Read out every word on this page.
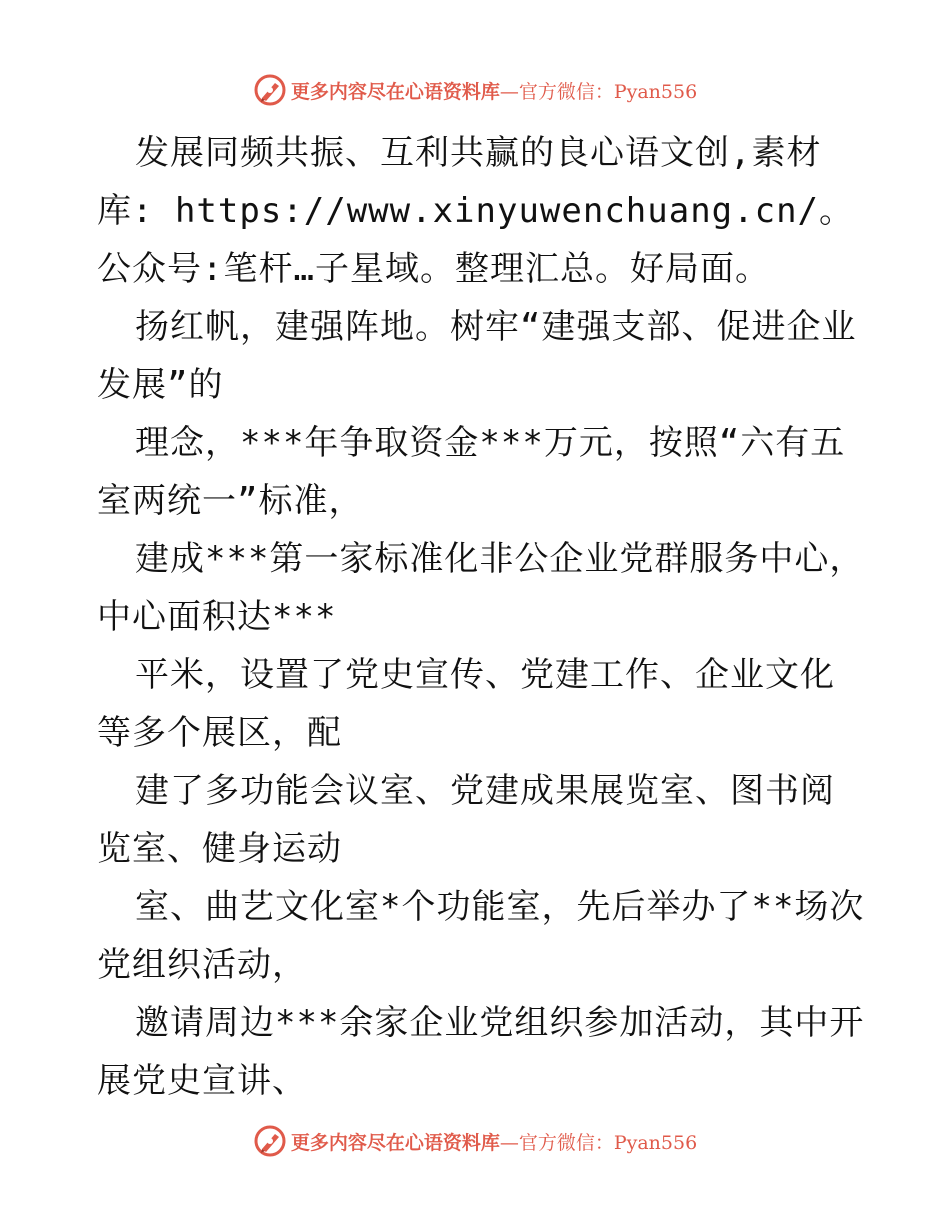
更多内容尽在心语资料库—官方微信：Pyan556

发展同频共振、互利共赢的良心语文创,素材库: https://www.xinyuwenchuang.cn/。公众号:笔杆…子星域。整理汇总。好局面。

扬红帆，建强阵地。树牢“建强支部、促进企业发展”的

理念，***年争取资金***万元，按照“六有五室两统一”标准，

建成***第一家标准化非公企业党群服务中心，中心面积达***

平米，设置了党史宣传、党建工作、企业文化等多个展区，配

建了多功能会议室、党建成果展览室、图书阅览室、健身运动

室、曲艺文化室*个功能室，先后举办了**场次党组织活动，

邀请周边***余家企业党组织参加活动，其中开展党史宣讲、

更多内容尽在心语资料库—官方微信：Pyan556
